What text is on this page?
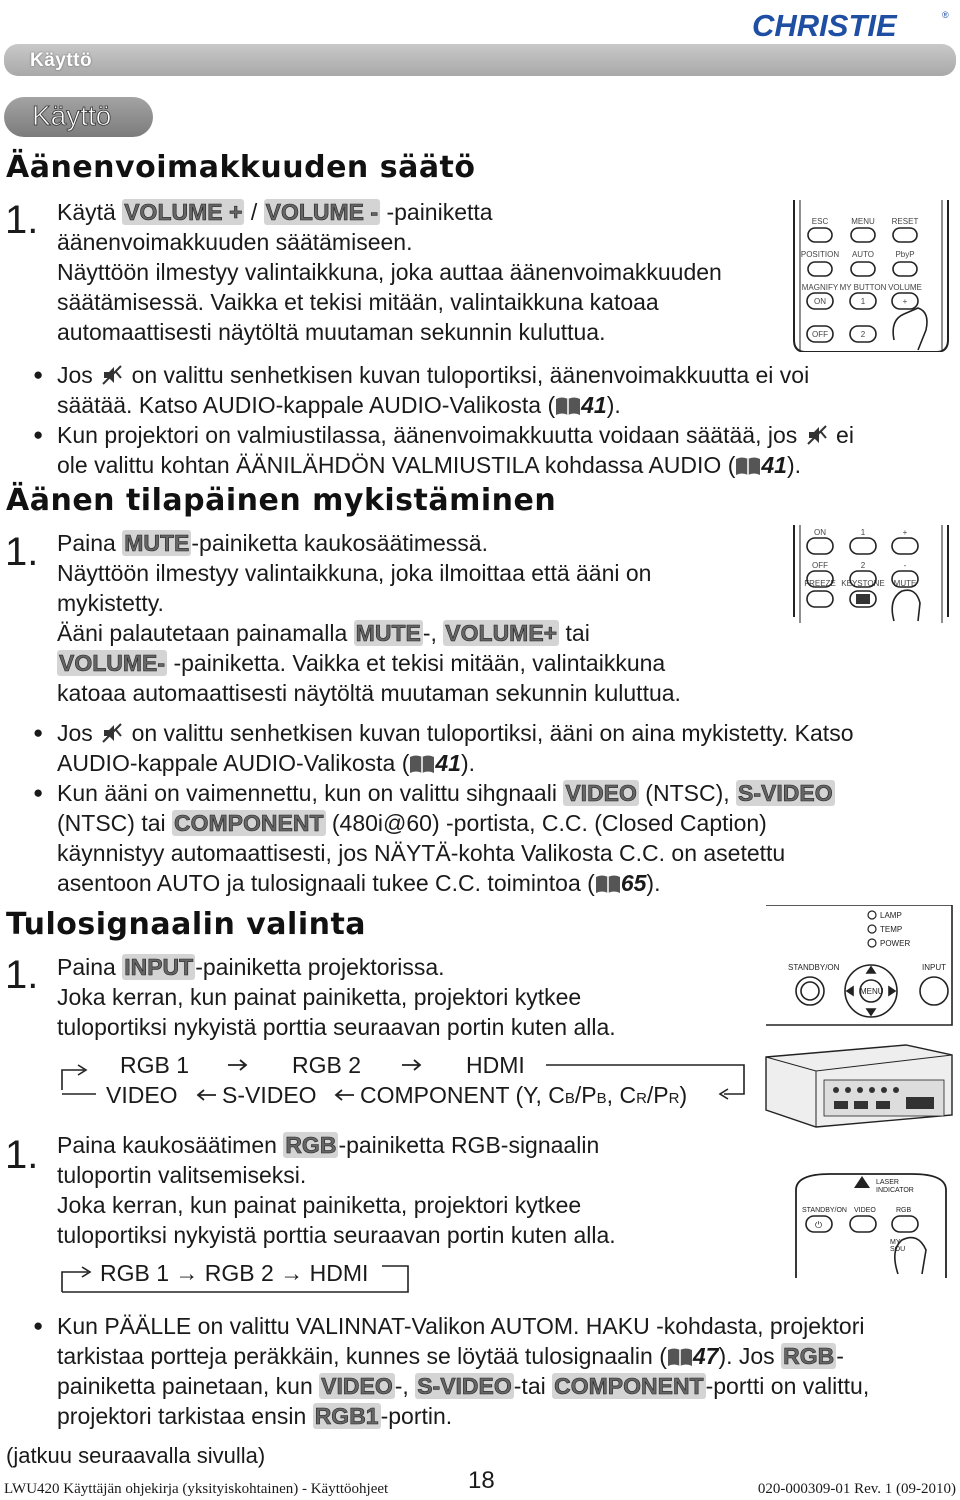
CHRISTIE	®
Käyttö
Käyttö
Äänenvoimakkuuden säätö
1. Käytä VOLUME + / VOLUME - -painiketta
äänenvoimakkuuden säätämiseen.
Näyttöön ilmestyy valintaikkuna, joka auttaa äänenvoimakkuuden
säätämisessä. Vaikka et tekisi mitään, valintaikkuna katoaa
automaattisesti näytöltä muutaman sekunnin kuluttua.
ESC	MENU RESET
POSITION AUTO	PbyP
MAGNIFY MY BUTTON VOLUME
ON	1	+
OFF	2
● Jos  on valittu senhetkisen kuvan tuloportiksi, äänenvoimakkuutta ei voi
säätää. Katso AUDIO-kappale AUDIO-Valikosta ( 41).
● Kun projektori on valmiustilassa, äänenvoimakkuutta voidaan säätää, jos  ei
ole valittu kohtan ÄÄNILÄHDÖN VALMIUSTILA kohdassa AUDIO ( 41).
Äänen tilapäinen mykistäminen
1. Paina MUTE-painiketta kaukosäätimessä.
Näyttöön ilmestyy valintaikkuna, joka ilmoittaa että ääni on
mykistetty.
Ääni palautetaan painamalla MUTE-, VOLUME+ tai
VOLUME- -painiketta. Vaikka et tekisi mitään, valintaikkuna
katoaa automaattisesti näytöltä muutaman sekunnin kuluttua.
ON	1	+
OFF	2	-
FREEZE KEYSTONE MUTE
● Jos  on valittu senhetkisen kuvan tuloportiksi, ääni on aina mykistetty. Katso
AUDIO-kappale AUDIO-Valikosta ( 41).
● Kun ääni on vaimennettu, kun on valittu sihgnaali VIDEO (NTSC), S-VIDEO
(NTSC) tai COMPONENT (480i@60) -portista, C.C. (Closed Caption)
käynnistyy automaattisesti, jos NÄYTÄ-kohta Valikosta C.C. on asetettu
asentoon AUTO ja tulosignaali tukee C.C. toimintoa ( 65).
Tulosignaalin valinta
1. Paina INPUT-painiketta projektorissa.
Joka kerran, kun painat painiketta, projektori kytkee
tuloportiksi nykyistä porttia seuraavan portin kuten alla.
RGB 1	RGB 2	HDMI
VIDEO S-VIDEO COMPONENT (Y, CB/PB, CR/PR)
LAMP
TEMP
POWER
STANDBY/ON	INPUT
MENU
1. Paina kaukosäätimen RGB-painiketta RGB-signaalin
tuloportin valitsemiseksi.
Joka kerran, kun painat painiketta, projektori kytkee
tuloportiksi nykyistä porttia seuraavan portin kuten alla.
RGB 1 → RGB 2 → HDMI
LASER
INDICATOR
STANDBY/ON VIDEO	RGB
MY
SOU
⏻
● Kun PÄÄLLE on valittu VALINNAT-Valikon AUTOM. HAKU -kohdasta, projektori
tarkistaa portteja peräkkäin, kunnes se löytää tulosignaalin ( 47). Jos RGB-
painiketta painetaan, kun VIDEO-, S-VIDEO-tai COMPONENT-portti on valittu,
projektori tarkistaa ensin RGB1-portin.
(jatkuu seuraavalla sivulla)
LWU420 Käyttäjän ohjekirja (yksityiskohtainen) - Käyttöohjeet	18	020-000309-01 Rev. 1 (09-2010)
